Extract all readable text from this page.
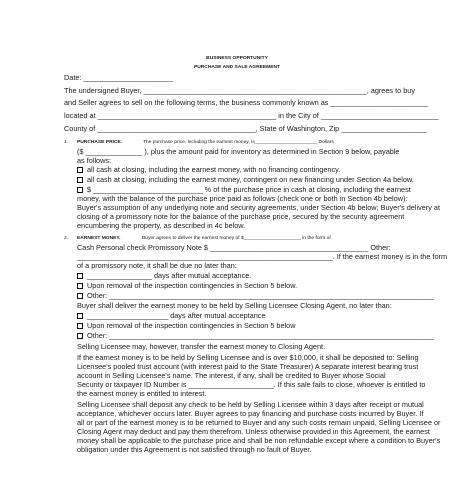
BUSINESS OPPORTUNITY
PURCHASE AND SALE AGREEMENT
Date: ______________________
The undersigned Buyer, _______________________________________________________, agrees to buy
and Seller agrees to sell on the following terms, the business commonly known as ________________________
located at ____________________________________________ in the City of _____________________________
County of _______________________________________, State of Washington, Zip _____________________
1. PURCHASE PRICE.	The purchase price, including the earnest money, is_______________________ Dollars
($ ______________ ), plus the amount paid for inventory as determined in Section 9 below, payable
as follows:
all cash at closing, including the earnest money, with no financing contingency.
all cash at closing, including the earnest money, contingent on new financing under Section 4a below.
$ ___________________________ % of the purchase price in cash at closing, including the earnest
money, with the balance of the purchase price paid as follows (check one or both in Section 4b below):
Buyer's assumption of any underlying note and security agreements, under Section 4b below; Buyer's delivery at
closing of a promissory note for the balance of the purchase price, secured by the security agreement
encumbering the property, as described in 4c below.
2. EARNEST MONEY.	Buyer agrees to deliver the earnest money of $_____________________ in the form of
Cash Personal check Promissory Note $ _______________________________________ Other:
_______________________________________________________________. If the earnest money is in the form
of a promissory note, it shall be due no later than:
________________ days after mutual acceptance.
Upon removal of the inspection contingencies in Section 5 below.
Other: ________________________________________________________________________________
Buyer shall deliver the earnest money to be held by Selling Licensee Closing Agent, no later than:
____________________ days after mutual acceptance
Upon removal of the inspection contingencies in Section 5 below
Other: ________________________________________________________________________________
Selling Licensee may, however, transfer the earnest money to Closing Agent.
If the earnest money is to be held by Selling Licensee and is over $10,000, it shall be deposited to: Selling
Licensee's pooled trust account (with interest paid to the State Treasurer) A separate interest bearing trust
account in Selling Licensee's name. The interest, if any, shall be credited to Buyer whose Social
Security or taxpayer ID Number is _____________________. If this sale fails to close, whoever is entitled to
the earnest money is entitled to interest.
Selling Licensee shall deposit any check to be held by Selling Licensee within 3 days after receipt or mutual
acceptance, whichever occurs later. Buyer agrees to pay financing and purchase costs incurred by Buyer. If
all or part of the earnest money is to be returned to Buyer and any such costs remain unpaid, Selling Licensee or
Closing Agent may deduct and pay them therefrom. Unless otherwise provided in this Agreement, the earnest
money shall be applicable to the purchase price and shall be non refundable except where a condition to Buyer's
obligation under this Agreement is not satisfied through no fault of Buyer.
